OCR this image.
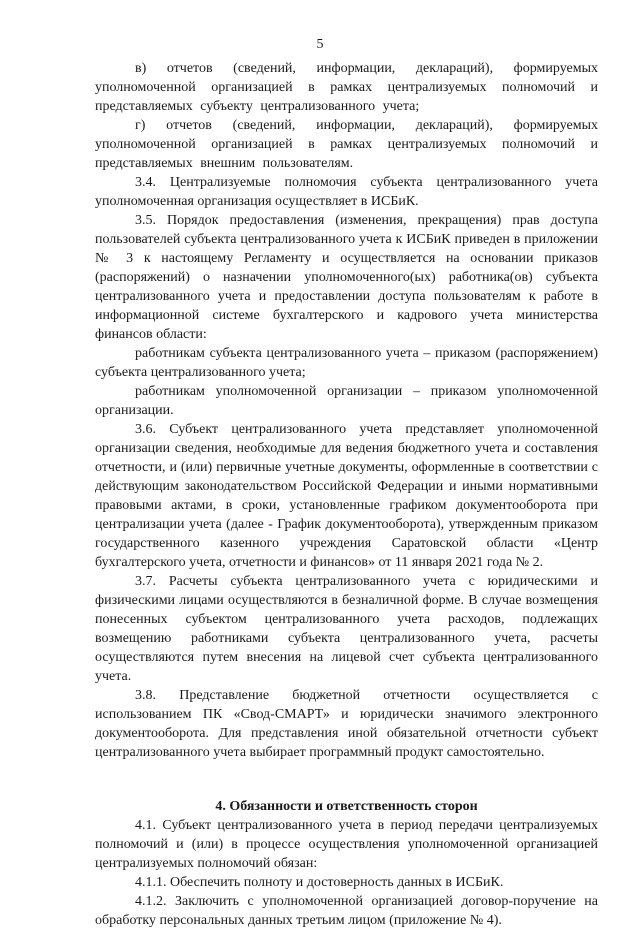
5

в) отчетов (сведений, информации, деклараций), формируемых уполномоченной организацией в рамках централизуемых полномочий и представляемых субъекту централизованного учета;

г) отчетов (сведений, информации, деклараций), формируемых уполномоченной организацией в рамках централизуемых полномочий и представляемых внешним пользователям.

3.4. Централизуемые полномочия субъекта централизованного учета уполномоченная организация осуществляет в ИСБиК.

3.5. Порядок предоставления (изменения, прекращения) прав доступа пользователей субъекта централизованного учета к ИСБиК приведен в приложении № 3 к настоящему Регламенту и осуществляется на основании приказов (распоряжений) о назначении уполномоченного(ых) работника(ов) субъекта централизованного учета и предоставлении доступа пользователям к работе в информационной системе бухгалтерского и кадрового учета министерства финансов области:

работникам субъекта централизованного учета – приказом (распоряжением) субъекта централизованного учета;

работникам уполномоченной организации – приказом уполномоченной организации.

3.6. Субъект централизованного учета представляет уполномоченной организации сведения, необходимые для ведения бюджетного учета и составления отчетности, и (или) первичные учетные документы, оформленные в соответствии с действующим законодательством Российской Федерации и иными нормативными правовыми актами, в сроки, установленные графиком документооборота при централизации учета (далее - График документооборота), утвержденным приказом государственного казенного учреждения Саратовской области «Центр бухгалтерского учета, отчетности и финансов» от 11 января 2021 года № 2.

3.7. Расчеты субъекта централизованного учета с юридическими и физическими лицами осуществляются в безналичной форме. В случае возмещения понесенных субъектом централизованного учета расходов, подлежащих возмещению работниками субъекта централизованного учета, расчеты осуществляются путем внесения на лицевой счет субъекта централизованного учета.

3.8. Представление бюджетной отчетности осуществляется с использованием ПК «Свод-СМАРТ» и юридически значимого электронного документооборота. Для представления иной обязательной отчетности субъект централизованного учета выбирает программный продукт самостоятельно.

4. Обязанности и ответственность сторон

4.1. Субъект централизованного учета в период передачи централизуемых полномочий и (или) в процессе осуществления уполномоченной организацией централизуемых полномочий обязан:

4.1.1. Обеспечить полноту и достоверность данных в ИСБиК.

4.1.2. Заключить с уполномоченной организацией договор-поручение на обработку персональных данных третьим лицом (приложение № 4).
